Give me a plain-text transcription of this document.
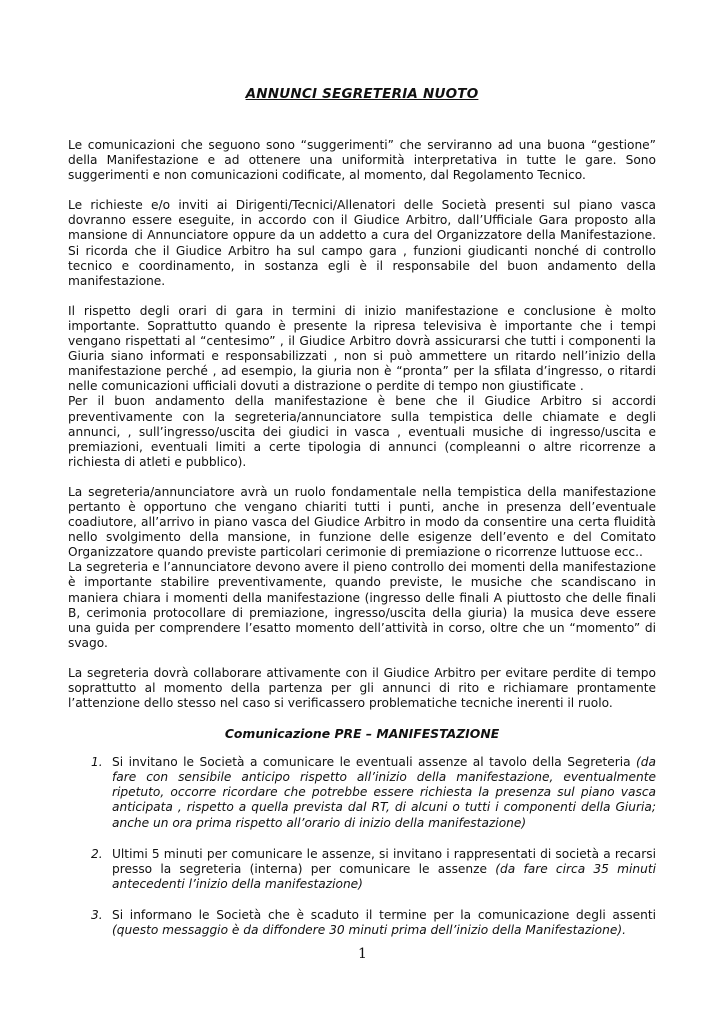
ANNUNCI SEGRETERIA NUOTO

Le comunicazioni che seguono sono “suggerimenti” che serviranno ad una buona “gestione” della Manifestazione e ad ottenere una uniformità interpretativa in tutte le gare. Sono suggerimenti e non comunicazioni codificate, al momento, dal Regolamento Tecnico.

Le richieste e/o inviti ai Dirigenti/Tecnici/Allenatori delle Società presenti sul piano vasca dovranno essere eseguite, in accordo con il Giudice Arbitro, dall’Ufficiale Gara proposto alla mansione di Annunciatore oppure da un addetto a cura del Organizzatore della Manifestazione. Si ricorda che il Giudice Arbitro ha sul campo gara , funzioni giudicanti nonché di controllo tecnico e coordinamento, in sostanza egli è il responsabile del buon andamento della manifestazione.

Il rispetto degli orari di gara in termini di inizio manifestazione e conclusione è molto importante. Soprattutto quando è presente la ripresa televisiva è importante che i tempi vengano rispettati al “centesimo” , il Giudice Arbitro dovrà assicurarsi che tutti i componenti la Giuria siano informati e responsabilizzati , non si può ammettere un ritardo nell’inizio della manifestazione perché , ad esempio, la giuria non è “pronta” per la sfilata d’ingresso, o ritardi nelle comunicazioni ufficiali dovuti a distrazione o perdite di tempo non giustificate .

Per il buon andamento della manifestazione è bene che il Giudice Arbitro si accordi preventivamente con la segreteria/annunciatore sulla tempistica delle chiamate e degli annunci, , sull’ingresso/uscita dei giudici in vasca , eventuali musiche di ingresso/uscita e premiazioni, eventuali limiti a certe tipologia di annunci (compleanni o altre ricorrenze a richiesta di atleti e pubblico).

La segreteria/annunciatore avrà un ruolo fondamentale nella tempistica della manifestazione pertanto è opportuno che vengano chiariti tutti i punti, anche in presenza dell’eventuale coadiutore, all’arrivo in piano vasca del Giudice Arbitro in modo da consentire una certa fluidità nello svolgimento della mansione, in funzione delle esigenze dell’evento e del Comitato Organizzatore quando previste particolari cerimonie di premiazione o ricorrenze luttuose ecc..

La segreteria e l’annunciatore devono avere il pieno controllo dei momenti della manifestazione è importante stabilire preventivamente, quando previste, le musiche che scandiscano in maniera chiara i momenti della manifestazione (ingresso delle finali A piuttosto che delle finali B, cerimonia protocollare di premiazione, ingresso/uscita della giuria) la musica deve essere una guida per comprendere l’esatto momento dell’attività in corso, oltre che un “momento” di svago.

La segreteria dovrà collaborare attivamente con il Giudice Arbitro per evitare perdite di tempo soprattutto al momento della partenza per gli annunci di rito e richiamare prontamente l’attenzione dello stesso nel caso si verificassero problematiche tecniche inerenti il ruolo.

Comunicazione PRE – MANIFESTAZIONE
1. Si invitano le Società a comunicare le eventuali assenze al tavolo della Segreteria (da fare con sensibile anticipo rispetto all’inizio della manifestazione, eventualmente ripetuto, occorre ricordare che potrebbe essere richiesta la presenza sul piano vasca anticipata , rispetto a quella prevista dal RT, di alcuni o tutti i componenti della Giuria; anche un ora prima rispetto all’orario di inizio della manifestazione)
2. Ultimi 5 minuti per comunicare le assenze, si invitano i rappresentati di società a recarsi presso la segreteria (interna) per comunicare le assenze (da fare circa 35 minuti antecedenti l’inizio della manifestazione)
3. Si informano le Società che è scaduto il termine per la comunicazione degli assenti (questo messaggio è da diffondere 30 minuti prima dell’inizio della Manifestazione).
1
